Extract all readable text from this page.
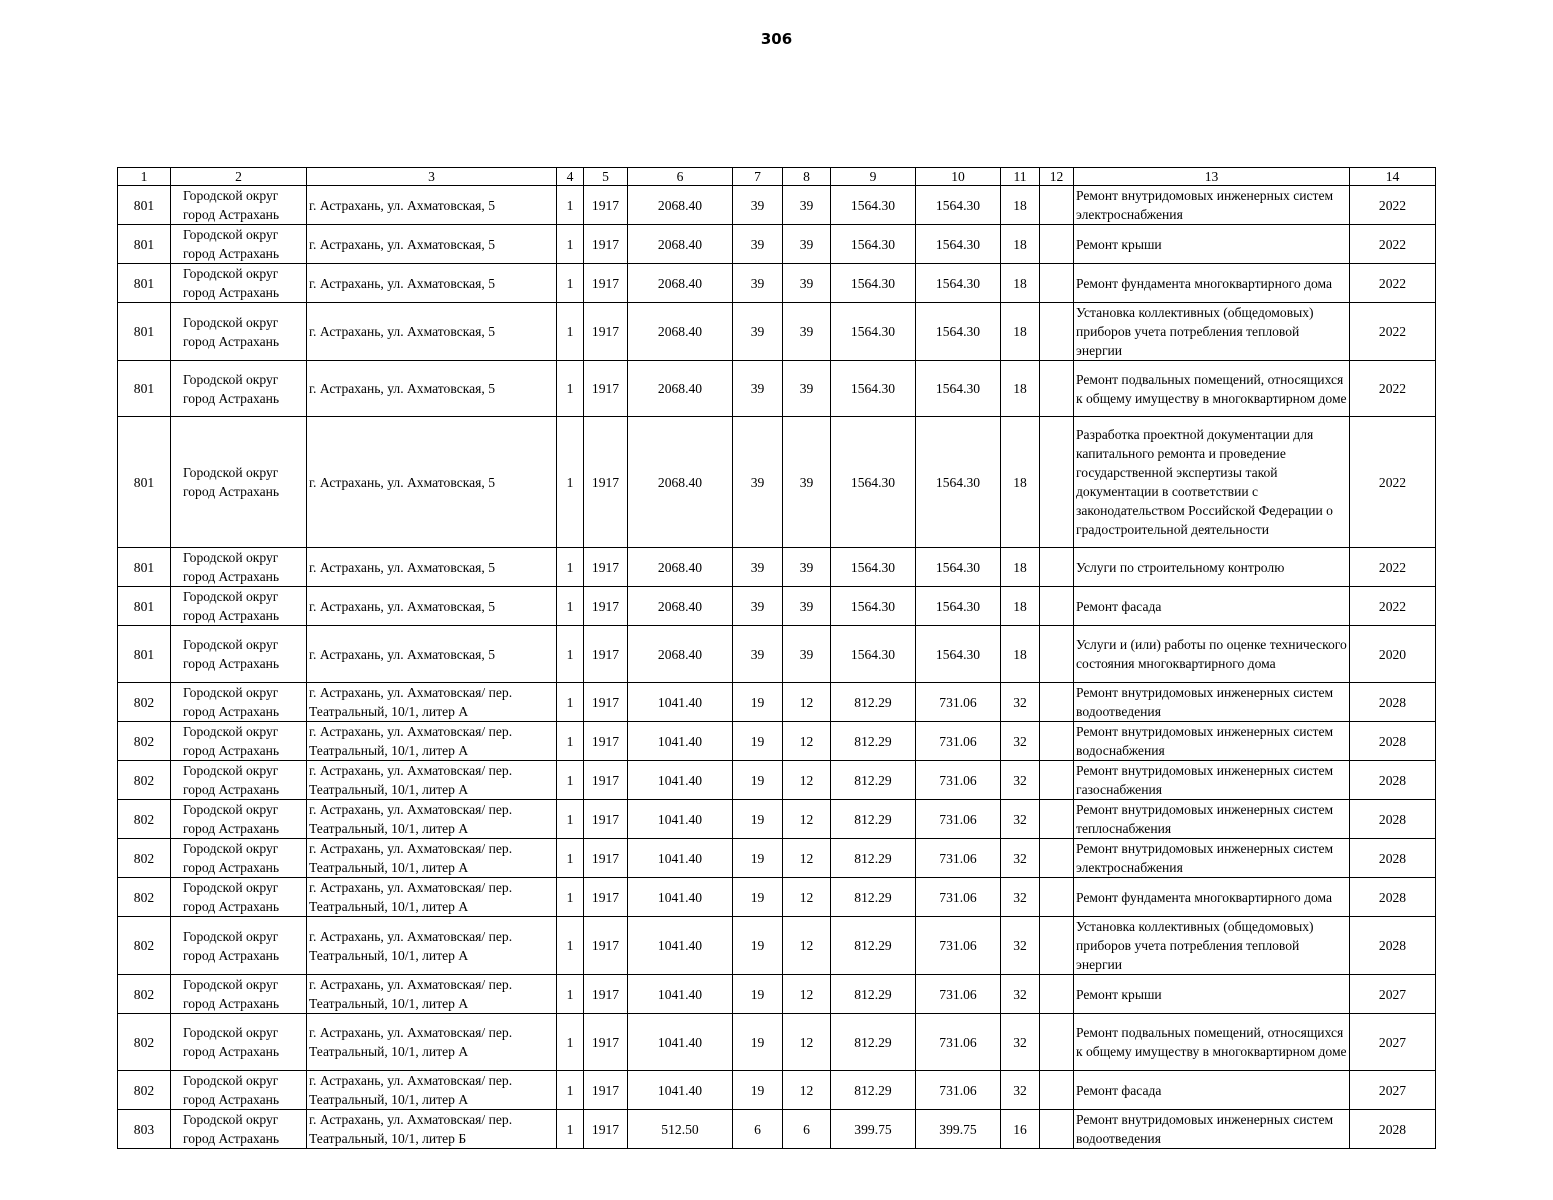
306
1	2	3	4	5	6	7	8	9	10	11	12	13	14
801	Городской округ город Астрахань	г. Астрахань, ул. Ахматовская, 5	1	1917	2068.40	39	39	1564.30	1564.30	18		Ремонт внутридомовых инженерных систем электроснабжения	2022
801	Городской округ город Астрахань	г. Астрахань, ул. Ахматовская, 5	1	1917	2068.40	39	39	1564.30	1564.30	18		Ремонт крыши	2022
801	Городской округ город Астрахань	г. Астрахань, ул. Ахматовская, 5	1	1917	2068.40	39	39	1564.30	1564.30	18		Ремонт фундамента многоквартирного дома	2022
801	Городской округ город Астрахань	г. Астрахань, ул. Ахматовская, 5	1	1917	2068.40	39	39	1564.30	1564.30	18		Установка коллективных (общедомовых) приборов учета потребления тепловой энергии	2022
801	Городской округ город Астрахань	г. Астрахань, ул. Ахматовская, 5	1	1917	2068.40	39	39	1564.30	1564.30	18		Ремонт подвальных помещений, относящихся к общему имуществу в многоквартирном доме	2022
801	Городской округ город Астрахань	г. Астрахань, ул. Ахматовская, 5	1	1917	2068.40	39	39	1564.30	1564.30	18		Разработка проектной документации для капитального ремонта и проведение государственной экспертизы такой документации в соответствии с законодательством Российской Федерации о градостроительной деятельности	2022
801	Городской округ город Астрахань	г. Астрахань, ул. Ахматовская, 5	1	1917	2068.40	39	39	1564.30	1564.30	18		Услуги по строительному контролю	2022
801	Городской округ город Астрахань	г. Астрахань, ул. Ахматовская, 5	1	1917	2068.40	39	39	1564.30	1564.30	18		Ремонт фасада	2022
801	Городской округ город Астрахань	г. Астрахань, ул. Ахматовская, 5	1	1917	2068.40	39	39	1564.30	1564.30	18		Услуги и (или) работы по оценке технического состояния многоквартирного дома	2020
802	Городской округ город Астрахань	г. Астрахань, ул. Ахматовская/ пер. Театральный, 10/1, литер А	1	1917	1041.40	19	12	812.29	731.06	32		Ремонт внутридомовых инженерных систем водоотведения	2028
802	Городской округ город Астрахань	г. Астрахань, ул. Ахматовская/ пер. Театральный, 10/1, литер А	1	1917	1041.40	19	12	812.29	731.06	32		Ремонт внутридомовых инженерных систем водоснабжения	2028
802	Городской округ город Астрахань	г. Астрахань, ул. Ахматовская/ пер. Театральный, 10/1, литер А	1	1917	1041.40	19	12	812.29	731.06	32		Ремонт внутридомовых инженерных систем газоснабжения	2028
802	Городской округ город Астрахань	г. Астрахань, ул. Ахматовская/ пер. Театральный, 10/1, литер А	1	1917	1041.40	19	12	812.29	731.06	32		Ремонт внутридомовых инженерных систем теплоснабжения	2028
802	Городской округ город Астрахань	г. Астрахань, ул. Ахматовская/ пер. Театральный, 10/1, литер А	1	1917	1041.40	19	12	812.29	731.06	32		Ремонт внутридомовых инженерных систем электроснабжения	2028
802	Городской округ город Астрахань	г. Астрахань, ул. Ахматовская/ пер. Театральный, 10/1, литер А	1	1917	1041.40	19	12	812.29	731.06	32		Ремонт фундамента многоквартирного дома	2028
802	Городской округ город Астрахань	г. Астрахань, ул. Ахматовская/ пер. Театральный, 10/1, литер А	1	1917	1041.40	19	12	812.29	731.06	32		Установка коллективных (общедомовых) приборов учета потребления тепловой энергии	2028
802	Городской округ город Астрахань	г. Астрахань, ул. Ахматовская/ пер. Театральный, 10/1, литер А	1	1917	1041.40	19	12	812.29	731.06	32		Ремонт крыши	2027
802	Городской округ город Астрахань	г. Астрахань, ул. Ахматовская/ пер. Театральный, 10/1, литер А	1	1917	1041.40	19	12	812.29	731.06	32		Ремонт подвальных помещений, относящихся к общему имуществу в многоквартирном доме	2027
802	Городской округ город Астрахань	г. Астрахань, ул. Ахматовская/ пер. Театральный, 10/1, литер А	1	1917	1041.40	19	12	812.29	731.06	32		Ремонт фасада	2027
803	Городской округ город Астрахань	г. Астрахань, ул. Ахматовская/ пер. Театральный, 10/1, литер Б	1	1917	512.50	6	6	399.75	399.75	16		Ремонт внутридомовых инженерных систем водоотведения	2028
